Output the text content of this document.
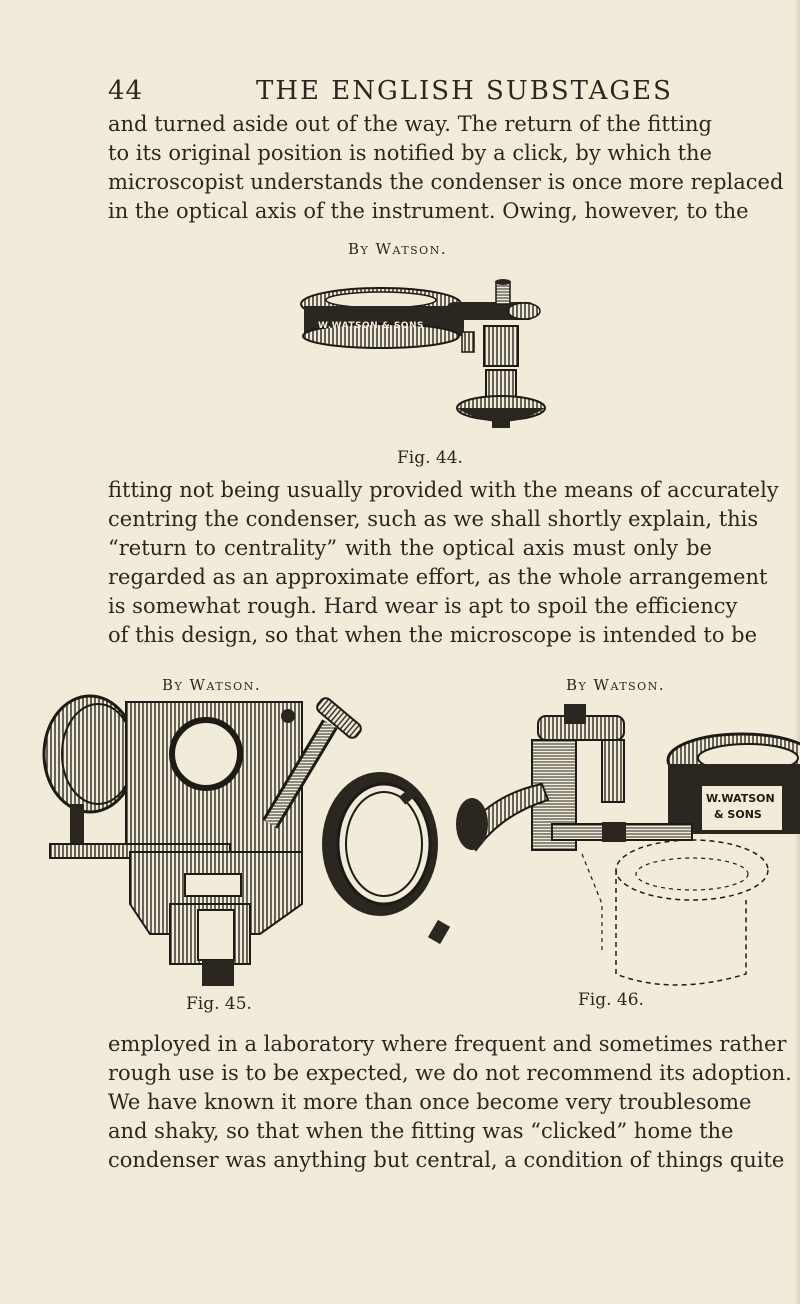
44	THE ENGLISH SUBSTAGES
and turned aside out of the way. The return of the fitting
to its original position is notified by a click, by which the
microscopist understands the condenser is once more replaced
in the optical axis of the instrument. Owing, however, to the
By Watson.
W.WATSON & SONS
Fig. 44.
fitting not being usually provided with the means of accurately
centring the condenser, such as we shall shortly explain, this
“return to centrality” with the optical axis must only be
regarded as an approximate effort, as the whole arrangement
is somewhat rough. Hard wear is apt to spoil the efficiency
of this design, so that when the microscope is intended to be
By Watson.	By Watson.
W.WATSON
& SONS
Fig. 45.	Fig. 46.
employed in a laboratory where frequent and sometimes rather
rough use is to be expected, we do not recommend its adoption.
We have known it more than once become very troublesome
and shaky, so that when the fitting was “clicked” home the
condenser was anything but central, a condition of things quite
